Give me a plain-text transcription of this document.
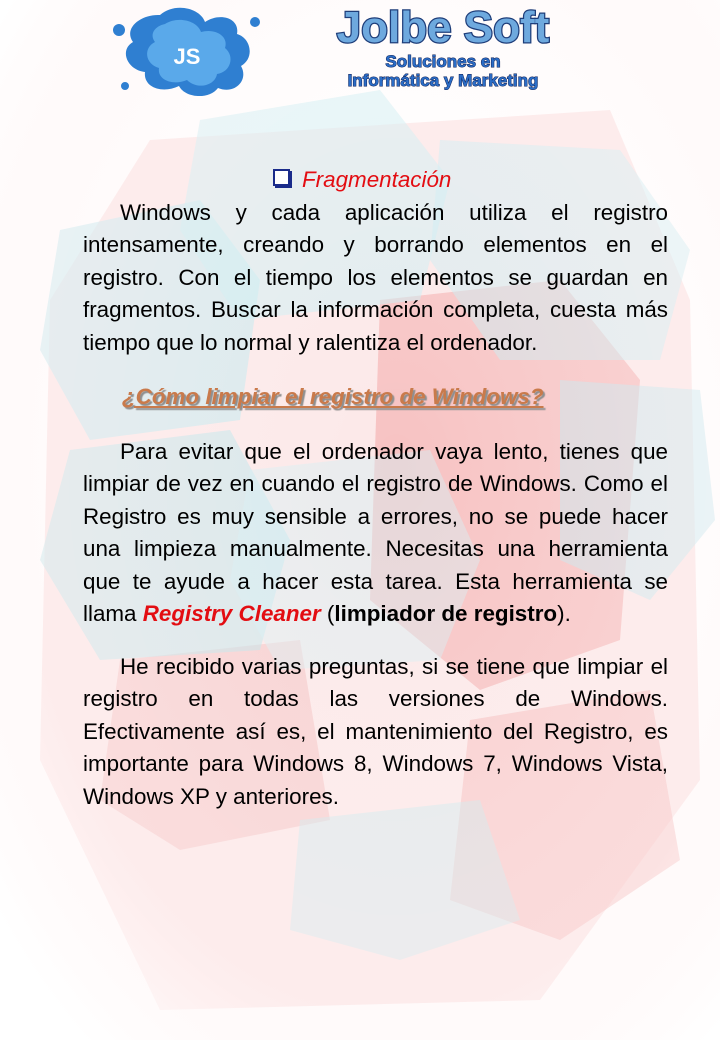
JS
Jolbe Soft
Soluciones en
Informática y Marketing

Fragmentación

Windows y cada aplicación utiliza el registro intensamente, creando y borrando elementos en el registro. Con el tiempo los elementos se guardan en fragmentos. Buscar la información completa, cuesta más tiempo que lo normal y ralentiza el ordenador.

¿Cómo limpiar el registro de Windows?

Para evitar que el ordenador vaya lento, tienes que limpiar de vez en cuando el registro de Windows. Como el Registro es muy sensible a errores, no se puede hacer una limpieza manualmente. Necesitas una herramienta que te ayude a hacer esta tarea. Esta herramienta se llama Registry Cleaner (limpiador de registro).

He recibido varias preguntas, si se tiene que limpiar el registro en todas las versiones de Windows. Efectivamente así es, el mantenimiento del Registro, es importante para Windows 8, Windows 7, Windows Vista, Windows XP y anteriores.
